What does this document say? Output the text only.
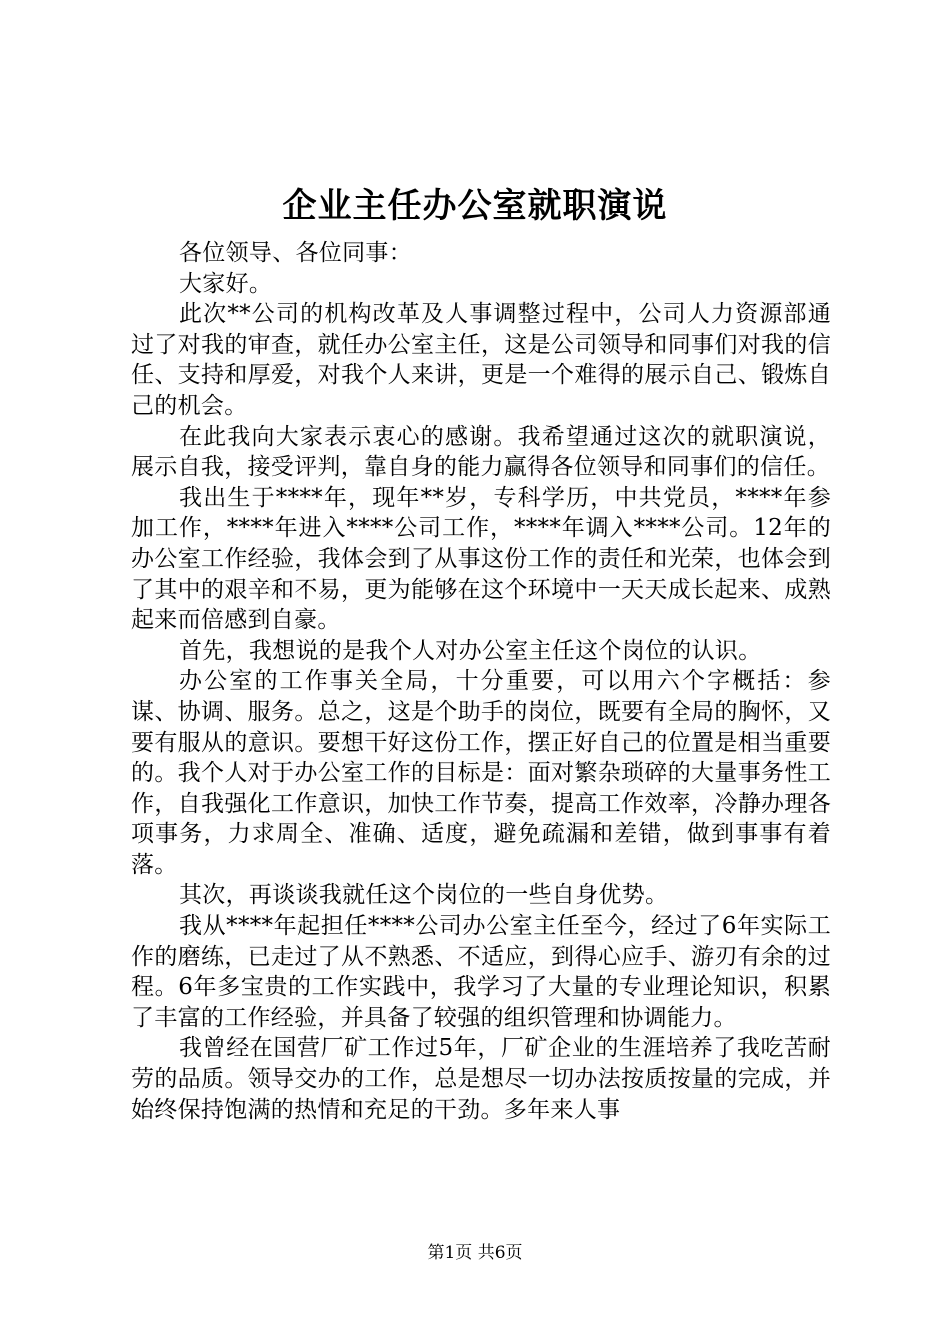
企业主任办公室就职演说

各位领导、各位同事：

大家好。

此次**公司的机构改革及人事调整过程中，公司人力资源部通过了对我的审查，就任办公室主任，这是公司领导和同事们对我的信任、支持和厚爱，对我个人来讲，更是一个难得的展示自己、锻炼自己的机会。

在此我向大家表示衷心的感谢。我希望通过这次的就职演说，展示自我，接受评判，靠自身的能力赢得各位领导和同事们的信任。

我出生于****年，现年**岁，专科学历，中共党员，****年参加工作，****年进入****公司工作，****年调入****公司。12年的办公室工作经验，我体会到了从事这份工作的责任和光荣，也体会到了其中的艰辛和不易，更为能够在这个环境中一天天成长起来、成熟起来而倍感到自豪。

首先，我想说的是我个人对办公室主任这个岗位的认识。

办公室的工作事关全局，十分重要，可以用六个字概括：参谋、协调、服务。总之，这是个助手的岗位，既要有全局的胸怀，又要有服从的意识。要想干好这份工作，摆正好自己的位置是相当重要的。我个人对于办公室工作的目标是：面对繁杂琐碎的大量事务性工作，自我强化工作意识，加快工作节奏，提高工作效率，冷静办理各项事务，力求周全、准确、适度，避免疏漏和差错，做到事事有着落。

其次，再谈谈我就任这个岗位的一些自身优势。

我从****年起担任****公司办公室主任至今，经过了6年实际工作的磨练，已走过了从不熟悉、不适应，到得心应手、游刃有余的过程。6年多宝贵的工作实践中，我学习了大量的专业理论知识，积累了丰富的工作经验，并具备了较强的组织管理和协调能力。

我曾经在国营厂矿工作过5年，厂矿企业的生涯培养了我吃苦耐劳的品质。领导交办的工作，总是想尽一切办法按质按量的完成，并始终保持饱满的热情和充足的干劲。多年来人事

第1页 共6页
